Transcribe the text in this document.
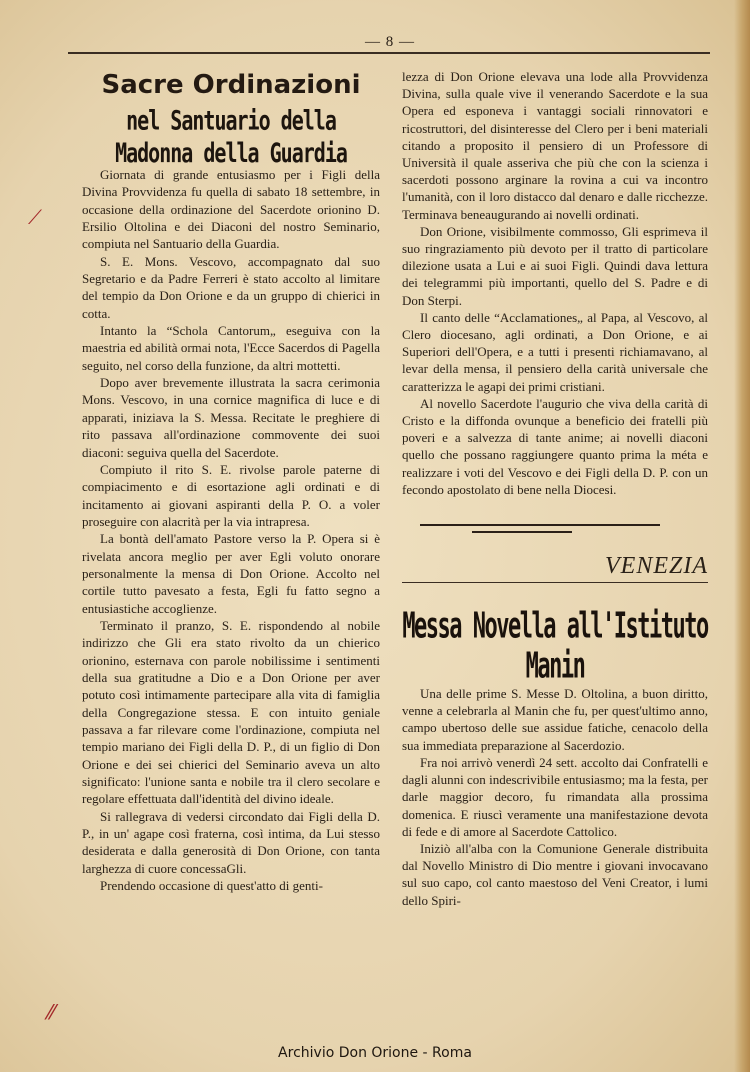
— 8 —
Sacre Ordinazioni
nel Santuario della Madonna della Guardia

Giornata di grande entusiasmo per i Figli della Divina Provvidenza fu quella di sabato 18 settembre, in occasione della ordinazione del Sacerdote orionino D. Ersilio Oltolina e dei Diaconi del nostro Seminario, compiuta nel Santuario della Guardia.

S. E. Mons. Vescovo, accompagnato dal suo Segretario e da Padre Ferreri è stato accolto al limitare del tempio da Don Orione e da un gruppo di chierici in cotta.

Intanto la “Schola Cantorum„ eseguiva con la maestria ed abilità ormai nota, l'Ecce Sacerdos di Pagella seguito, nel corso della funzione, da altri mottetti.

Dopo aver brevemente illustrata la sacra cerimonia Mons. Vescovo, in una cornice magnifica di luce e di apparati, iniziava la S. Messa. Recitate le preghiere di rito passava all'ordinazione commovente dei suoi diaconi: seguiva quella del Sacerdote.

Compiuto il rito S. E. rivolse parole paterne di compiacimento e di esortazione agli ordinati e di incitamento ai giovani aspiranti della P. O. a voler proseguire con alacrità per la via intrapresa.

La bontà dell'amato Pastore verso la P. Opera si è rivelata ancora meglio per aver Egli voluto onorare personalmente la mensa di Don Orione. Accolto nel cortile tutto pavesato a festa, Egli fu fatto segno a entusiastiche accoglienze.

Terminato il pranzo, S. E. rispondendo al nobile indirizzo che Gli era stato rivolto da un chierico orionino, esternava con parole nobilissime i sentimenti della sua gratitudne a Dio e a Don Orione per aver potuto così intimamente partecipare alla vita di famiglia della Congregazione stessa. E con intuito geniale passava a far rilevare come l'ordinazione, compiuta nel tempio mariano dei Figli della D. P., di un figlio di Don Orione e dei sei chierici del Seminario aveva un alto significato: l'unione santa e nobile tra il clero secolare e regolare effettuata dall'identità del divino ideale.

Si rallegrava di vedersi circondato dai Figli della D. P., in un' agape così fraterna, così intima, da Lui stesso desiderata e dalla generosità di Don Orione, con tanta larghezza di cuore concessaGli.

Prendendo occasione di quest'atto di genti-

lezza di Don Orione elevava una lode alla Provvidenza Divina, sulla quale vive il venerando Sacerdote e la sua Opera ed esponeva i vantaggi sociali rinnovatori e ricostruttori, del disinteresse del Clero per i beni materiali citando a proposito il pensiero di un Professore di Università il quale asseriva che più che con la scienza i sacerdoti possono arginare la rovina a cui va incontro l'umanità, con il loro distacco dal denaro e dalle ricchezze. Terminava beneaugurando ai novelli ordinati.

Don Orione, visibilmente commosso, Gli esprimeva il suo ringraziamento più devoto per il tratto di particolare dilezione usata a Lui e ai suoi Figli. Quindi dava lettura dei telegrammi più importanti, quello del S. Padre e di Don Sterpi.

Il canto delle “Acclamationes„ al Papa, al Vescovo, al Clero diocesano, agli ordinati, a Don Orione, e ai Superiori dell'Opera, e a tutti i presenti richiamavano, al levar della mensa, il pensiero della carità universale che caratterizza le agapi dei primi cristiani.

Al novello Sacerdote l'augurio che viva della carità di Cristo e la diffonda ovunque a beneficio dei fratelli più poveri e a salvezza di tante anime; ai novelli diaconi quello che possano raggiungere quanto prima la méta e realizzare i voti del Vescovo e dei Figli della D. P. con un fecondo apostolato di bene nella Diocesi.

VENEZIA
Messa Novella all'Istituto Manin

Una delle prime S. Messe D. Oltolina, a buon diritto, venne a celebrarla al Manin che fu, per quest'ultimo anno, campo ubertoso delle sue assidue fatiche, cenacolo della sua immediata preparazione al Sacerdozio.

Fra noi arrivò venerdì 24 sett. accolto dai Confratelli e dagli alunni con indescrivibile entusiasmo; ma la festa, per darle maggior decoro, fu rimandata alla prossima domenica. E riuscì veramente una manifestazione devota di fede e di amore al Sacerdote Cattolico.

Iniziò all'alba con la Comunione Generale distribuita dal Novello Ministro di Dio mentre i giovani invocavano sul suo capo, col canto maestoso del Veni Creator, i lumi dello Spiri-

⟋
⁄⁄
Archivio Don Orione - Roma
